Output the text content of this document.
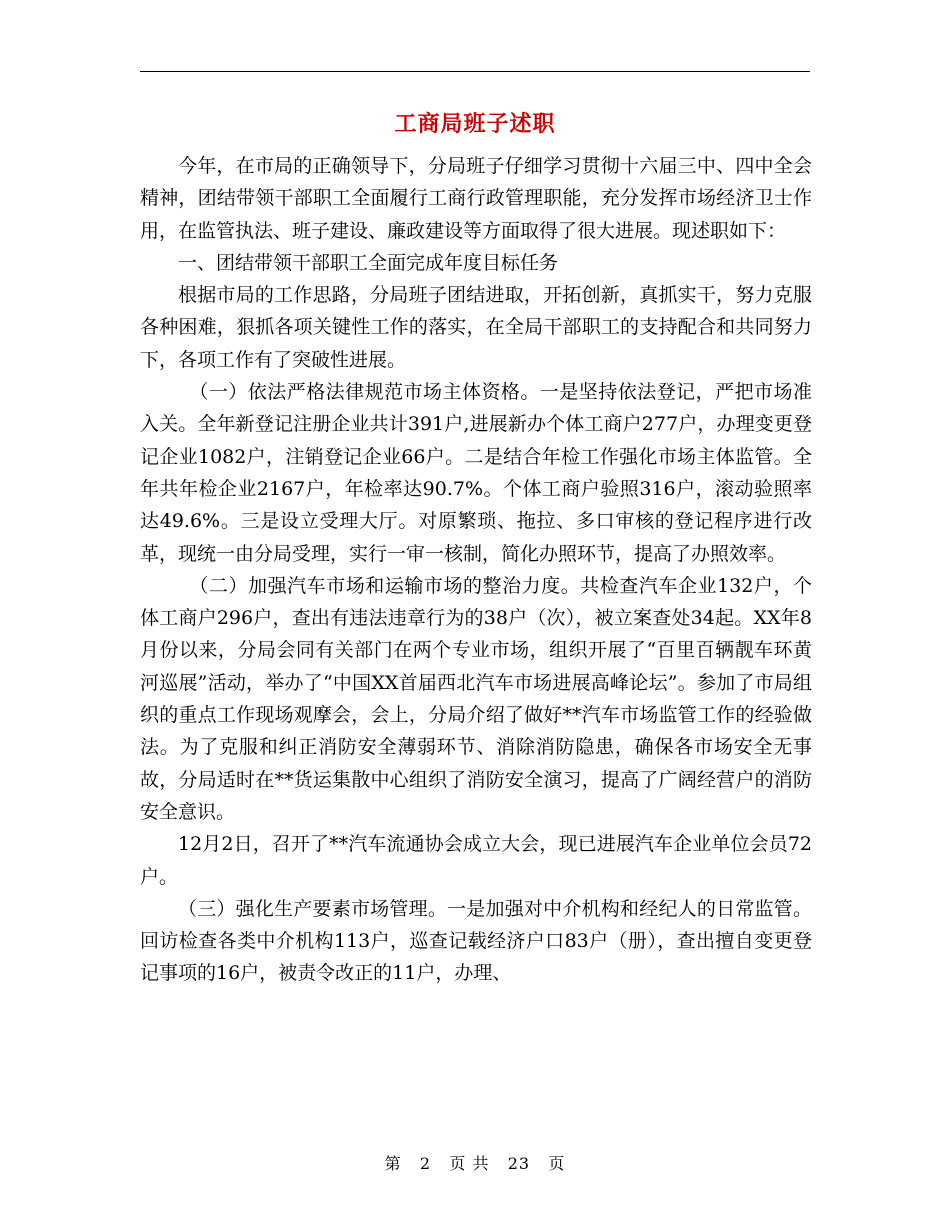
工商局班子述职

今年，在市局的正确领导下，分局班子仔细学习贯彻十六届三中、四中全会精神，团结带领干部职工全面履行工商行政管理职能，充分发挥市场经济卫士作用，在监管执法、班子建设、廉政建设等方面取得了很大进展。现述职如下：

一、团结带领干部职工全面完成年度目标任务

根据市局的工作思路，分局班子团结进取，开拓创新，真抓实干，努力克服各种困难，狠抓各项关键性工作的落实，在全局干部职工的支持配合和共同努力下，各项工作有了突破性进展。

（一）依法严格法律规范市场主体资格。一是坚持依法登记，严把市场准入关。全年新登记注册企业共计391户,进展新办个体工商户277户，办理变更登记企业1082户，注销登记企业66户。二是结合年检工作强化市场主体监管。全年共年检企业2167户，年检率达90.7%。个体工商户验照316户，滚动验照率达49.6%。三是设立受理大厅。对原繁琐、拖拉、多口审核的登记程序进行改革，现统一由分局受理，实行一审一核制，简化办照环节，提高了办照效率。

（二）加强汽车市场和运输市场的整治力度。共检查汽车企业132户，个体工商户296户，查出有违法违章行为的38户（次），被立案查处34起。XX年8月份以来，分局会同有关部门在两个专业市场，组织开展了“百里百辆靓车环黄河巡展”活动，举办了“中国XX首届西北汽车市场进展高峰论坛”。参加了市局组织的重点工作现场观摩会，会上，分局介绍了做好**汽车市场监管工作的经验做法。为了克服和纠正消防安全薄弱环节、消除消防隐患，确保各市场安全无事故，分局适时在**货运集散中心组织了消防安全演习，提高了广阔经营户的消防安全意识。

12月2日，召开了**汽车流通协会成立大会，现已进展汽车企业单位会员72户。

（三）强化生产要素市场管理。一是加强对中介机构和经纪人的日常监管。回访检查各类中介机构113户，巡查记载经济户口83户（册），查出擅自变更登记事项的16户，被责令改正的11户，办理、

第 2 页 共 23 页
